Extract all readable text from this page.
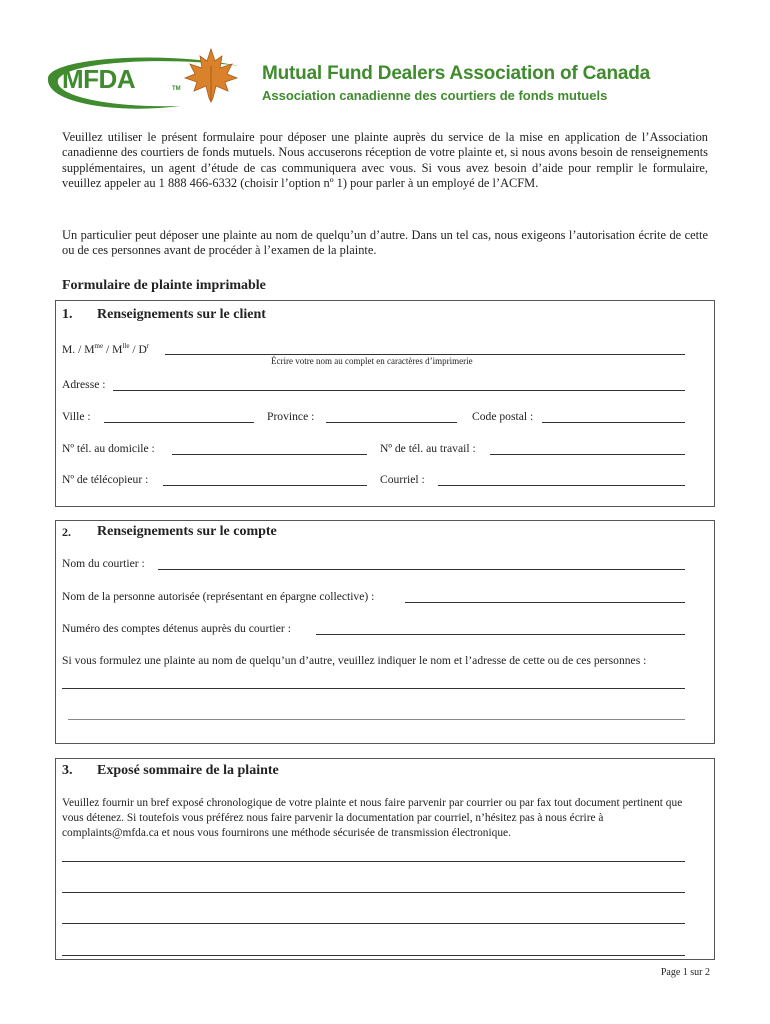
MFDA	TM
Mutual Fund Dealers Association of Canada
Association canadienne des courtiers de fonds mutuels
Veuillez utiliser le présent formulaire pour déposer une plainte auprès du service de la mise en application de l’Association canadienne des courtiers de fonds mutuels. Nous accuserons réception de votre plainte et, si nous avons besoin de renseignements supplémentaires, un agent d’étude de cas communiquera avec vous. Si vous avez besoin d’aide pour remplir le formulaire, veuillez appeler au 1 888 466-6332 (choisir l’option nº 1) pour parler à un employé de l’ACFM.
Un particulier peut déposer une plainte au nom de quelqu’un d’autre. Dans un tel cas, nous exigeons l’autorisation écrite de cette ou de ces personnes avant de procéder à l’examen de la plainte.
Formulaire de plainte imprimable
1. Renseignements sur le client
M. / $M^{me} / M^{lle} / D^r$
Écrire votre nom au complet en caractères d’imprimerie
Adresse :
Ville :	Province :	Code postal :
Nº tél. au domicile :	Nº de tél. au travail :
Nº de télécopieur :	Courriel :
2. Renseignements sur le compte
Nom du courtier :
Nom de la personne autorisée (représentant en épargne collective) :
Numéro des comptes détenus auprès du courtier :
Si vous formulez une plainte au nom de quelqu’un d’autre, veuillez indiquer le nom et l’adresse de cette ou de ces personnes :
3. Exposé sommaire de la plainte
Veuillez fournir un bref exposé chronologique de votre plainte et nous faire parvenir par courrier ou par fax tout document pertinent que vous détenez. Si toutefois vous préférez nous faire parvenir la documentation par courriel, n’hésitez pas à nous écrire à complaints@mfda.ca et nous vous fournirons une méthode sécurisée de transmission électronique.
Page 1 sur 2
